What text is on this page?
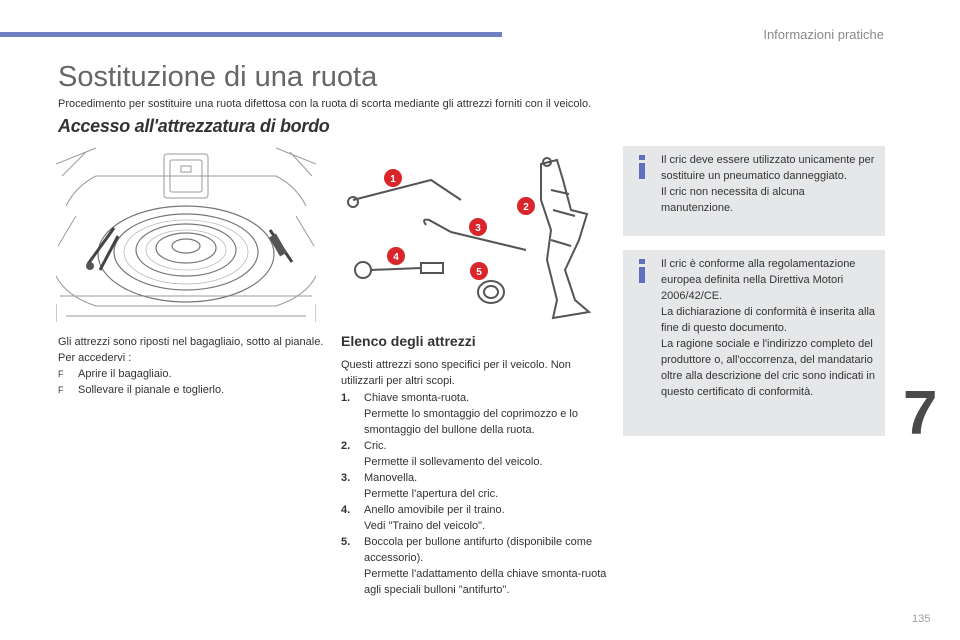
Informazioni pratiche
Sostituzione di una ruota
Procedimento per sostituire una ruota difettosa con la ruota di scorta mediante gli attrezzi forniti con il veicolo.
Accesso all'attrezzatura di bordo
1
2
3
4
5
Gli attrezzi sono riposti nel bagagliaio, sotto al pianale.
Per accedervi :
F	Aprire il bagagliaio.
F	Sollevare il pianale e toglierlo.
Elenco degli attrezzi
Questi attrezzi sono specifici per il veicolo. Non utilizzarli per altri scopi.
1.	Chiave smonta-ruota.
Permette lo smontaggio del coprimozzo e lo smontaggio del bullone della ruota.
2.	Cric.
Permette il sollevamento del veicolo.
3.	Manovella.
Permette l'apertura del cric.
4.	Anello amovibile per il traino.
Vedi "Traino del veicolo".
5.	Boccola per bullone antifurto (disponibile come accessorio).
Permette l'adattamento della chiave smonta-ruota agli speciali bulloni "antifurto".
Il cric deve essere utilizzato unicamente per sostituire un pneumatico danneggiato.
Il cric non necessita di alcuna manutenzione.
Il cric è conforme alla regolamentazione europea definita nella Direttiva Motori 2006/42/CE.
La dichiarazione di conformità è inserita alla fine di questo documento.
La ragione sociale e l'indirizzo completo del produttore o, all'occorrenza, del mandatario oltre alla descrizione del cric sono indicati in questo certificato di conformità.	7
135
